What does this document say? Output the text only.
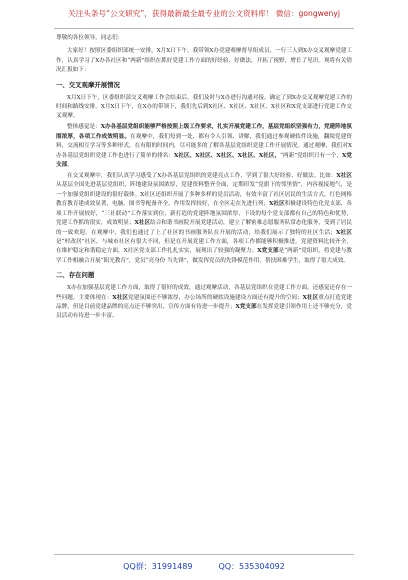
关注头条号“公文研究”，获得最新最全最专业的公文资料库！ 微信：gongwenyj

尊敬的各位领导，同志们：

大家好！按照区委组织部统一安排，X月X日下午，我带领X办党建观摩督导组成员，一行三人到X办交叉观摩党建工作，认真学习了X办各社区和“两新”组织在抓好党建工作方面的好经验、好做法，开拓了视野，增长了见识。现将有关情况汇报如下：

一、交叉观摩开展情况

X月X日下午，区委组织部交叉观摩工作会结束后，我们及时与X办进行沟通对接，确定了到X办交叉观摩党建工作的时间和路线安排。X月X日下午，在X办的带领下，我们先后到X社区、X社区、X社区、X社区和X党支部进行党建工作交叉观摩。

整体感觉是：X办各基层党组织能够严格按照上级工作要求，扎实开展党建工作，基层党组织坚强有力，党建阵地氛围浓厚，各项工作成效明显。在观摩中，我们每到一处，都有令人引领、讲解，我们通过参观硬软件设施，翻阅党建资料，交流相互学习等多种形式，在有限的时间内，尽可能多的了解各基层党组织党建工作开展情况。通过观摩，我们对X办各基层党组织党建工作也进行了简单的排名：X社区、X社区、X社区、X社区、X社区，“两新”党组织只有一个，X党支部。

在交叉观摩中，我们认真学习感受了X办各基层党组织的党建亮点工作，学到了很大好经验、好做法。比如：X社区从基层全国先进基层党组织，阵地建设氛围浓厚，党建资料整齐全面，定期印发“党旗下的邻里情”，内容视接地气，是一个加强党组织建设的很好载体。X社区还组织开展了多种多样的党员活动，有效丰富了社区居民的生活方式，红色网格教育教育建成效显著，电脑、图书等配备齐全，作用发挥较好，在全区走在先进行列；X社区积极建设特色化党支部，各项工作开展较好，“三社联动”工作落实到位，新打造的党建阵地氛围浓厚，下设的每个党支部都有自己的特色和优势，党建工作抓的很实，成效明显；X社区结合和谐书画院开展党建活动，建立了解密难志愿服务队常态化服务，受到了居民的一致欢迎。在观摩中，我们也通过了上了社区的书画服务队在开展的活动，给我们展示了独特的社区生活；X社区是“村改居”社区，与城市社区有很大不同，但是在开展党建工作方面，各项工作都能够积极推进，党建资料比较齐全，在维护稳定和谐稳定方面，X社区党支部工作扎扎实实，展现出了较强的凝聚力；X党支部是“两新”党组织，将党建与教学工作相融合开展“阳光教育”，党员“亮身份 当先锋”，做发挥党员的先锋模范作用，帮扶困难学生，取得了很大成效。

二、存在问题

X办在加强基层党建工作方面，取得了很好的成效，通过观摩活动，各基层党组织在党建工作方面，还感觉还存在一些问题。主要体现在：X社区党建氛围还不够浓厚，办公场所的硬软设施建设方面还有提升的空间；X社区重点打造党建品牌，但是目前党建品牌的亮点还不够突出，宣传方面有待进一步提升；X党支部在发挥党建引领作用上还不够充分，党员活动有待进一步丰富、

QQ群：31991489	QQ：535304092
